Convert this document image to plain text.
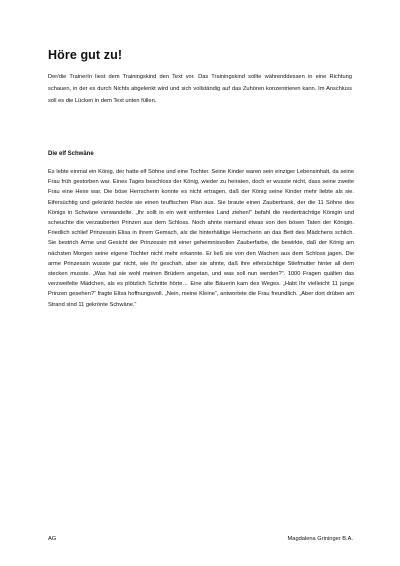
Höre gut zu!

Der/die TrainerIn liest dem Trainingskind den Text vor. Das Trainingskind sollte währenddessen in eine Richtung schauen, in der es durch Nichts abgelenkt wird und sich vollständig auf das Zuhören konzentrieren kann. Im Anschluss soll es die Lücken in dem Text unten füllen.

Die elf Schwäne

Es lebte einmal ein König, der hatte elf Söhne und eine Tochter. Seine Kinder waren sein einziger Lebensinhalt, da seine Frau früh gestorben war. Eines Tages beschloss der König, wieder zu heiraten, doch er wusste nicht, dass seine zweite Frau eine Hexe war. Die böse Herrscherin konnte es nicht ertragen, daß der König seine Kinder mehr liebte als sie. Eifersüchtig und gekränkt heckte sie einen teuflischen Plan aus. Sie braute einen Zaubertrank, der die 11 Söhne des Königs in Schwäne verwandelte. „Ihr sollt in ein weit entferntes Land ziehen!“ befahl die niederträchtige Königin und scheuchte die verzauberten Prinzen aus dem Schloss. Noch ahnte niemand etwas von den bösen Taten der Königin. Friedlich schlief Prinzessin Elisa in ihrem Gemach, als die hinterhältige Herrscherin an das Bett des Mädchens schlich. Sie bestrich Arme und Gesicht der Prinzessin mit einer geheimnisvollen Zauberfarbe, die bewirkte, daß der König am nächsten Morgen seine eigene Tochter nicht mehr erkannte. Er ließ sie von den Wachen aus dem Schloss jagen. Die arme Prinzessin wusste gar nicht, wie ihr geschah, aber sie ahnte, daß ihre eifersüchtige Stiefmutter hinter all dem stecken musste. „Was hat sie wohl meinen Brüdern angetan, und was soll nun werden?“. 1000 Fragen quälten das verzweifelte Mädchen, als es plötzlich Schritte hörte… Eine alte Bäuerin kam des Weges. „Habt Ihr vielleicht 11 junge Prinzen gesehen?“ fragte Elisa hoffnungsvoll. „Nein, meine Kleine“, antwortete die Frau freundlich. „Aber dort drüben am Strand sind 11 gekrönte Schwäne.“

AG	Magdalena Grininger B.A.
